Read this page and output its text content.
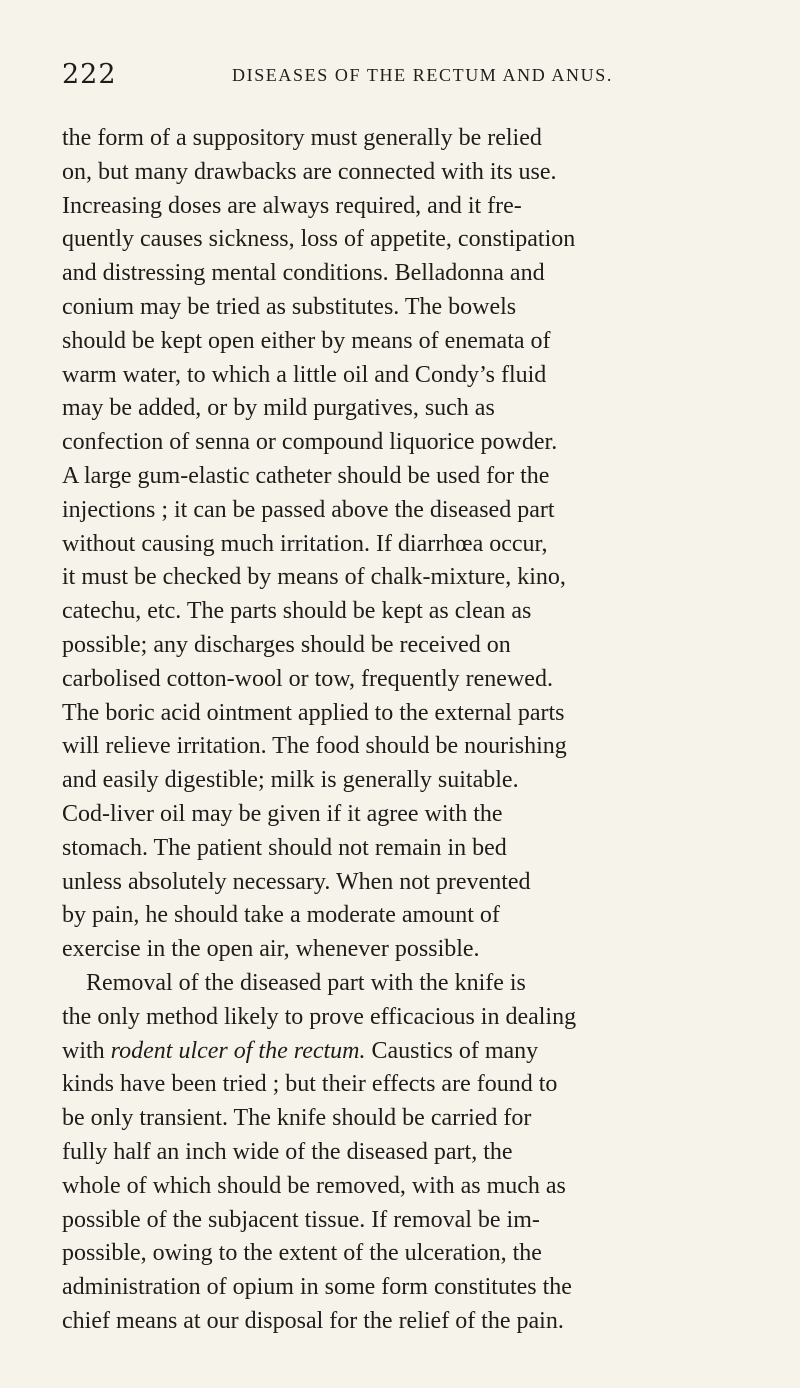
222	DISEASES OF THE RECTUM AND ANUS.
the form of a suppository must generally be relied
on, but many drawbacks are connected with its use.
Increasing doses are always required, and it fre-
quently causes sickness, loss of appetite, constipation
and distressing mental conditions. Belladonna and
conium may be tried as substitutes. The bowels
should be kept open either by means of enemata of
warm water, to which a little oil and Condy’s fluid
may be added, or by mild purgatives, such as
confection of senna or compound liquorice powder.
A large gum-elastic catheter should be used for the
injections ; it can be passed above the diseased part
without causing much irritation. If diarrhœa occur,
it must be checked by means of chalk-mixture, kino,
catechu, etc. The parts should be kept as clean as
possible; any discharges should be received on
carbolised cotton-wool or tow, frequently renewed.
The boric acid ointment applied to the external parts
will relieve irritation. The food should be nourishing
and easily digestible; milk is generally suitable.
Cod-liver oil may be given if it agree with the
stomach. The patient should not remain in bed
unless absolutely necessary. When not prevented
by pain, he should take a moderate amount of
exercise in the open air, whenever possible.
Removal of the diseased part with the knife is
the only method likely to prove efficacious in dealing
with rodent ulcer of the rectum. Caustics of many
kinds have been tried ; but their effects are found to
be only transient. The knife should be carried for
fully half an inch wide of the diseased part, the
whole of which should be removed, with as much as
possible of the subjacent tissue. If removal be im-
possible, owing to the extent of the ulceration, the
administration of opium in some form constitutes the
chief means at our disposal for the relief of the pain.
